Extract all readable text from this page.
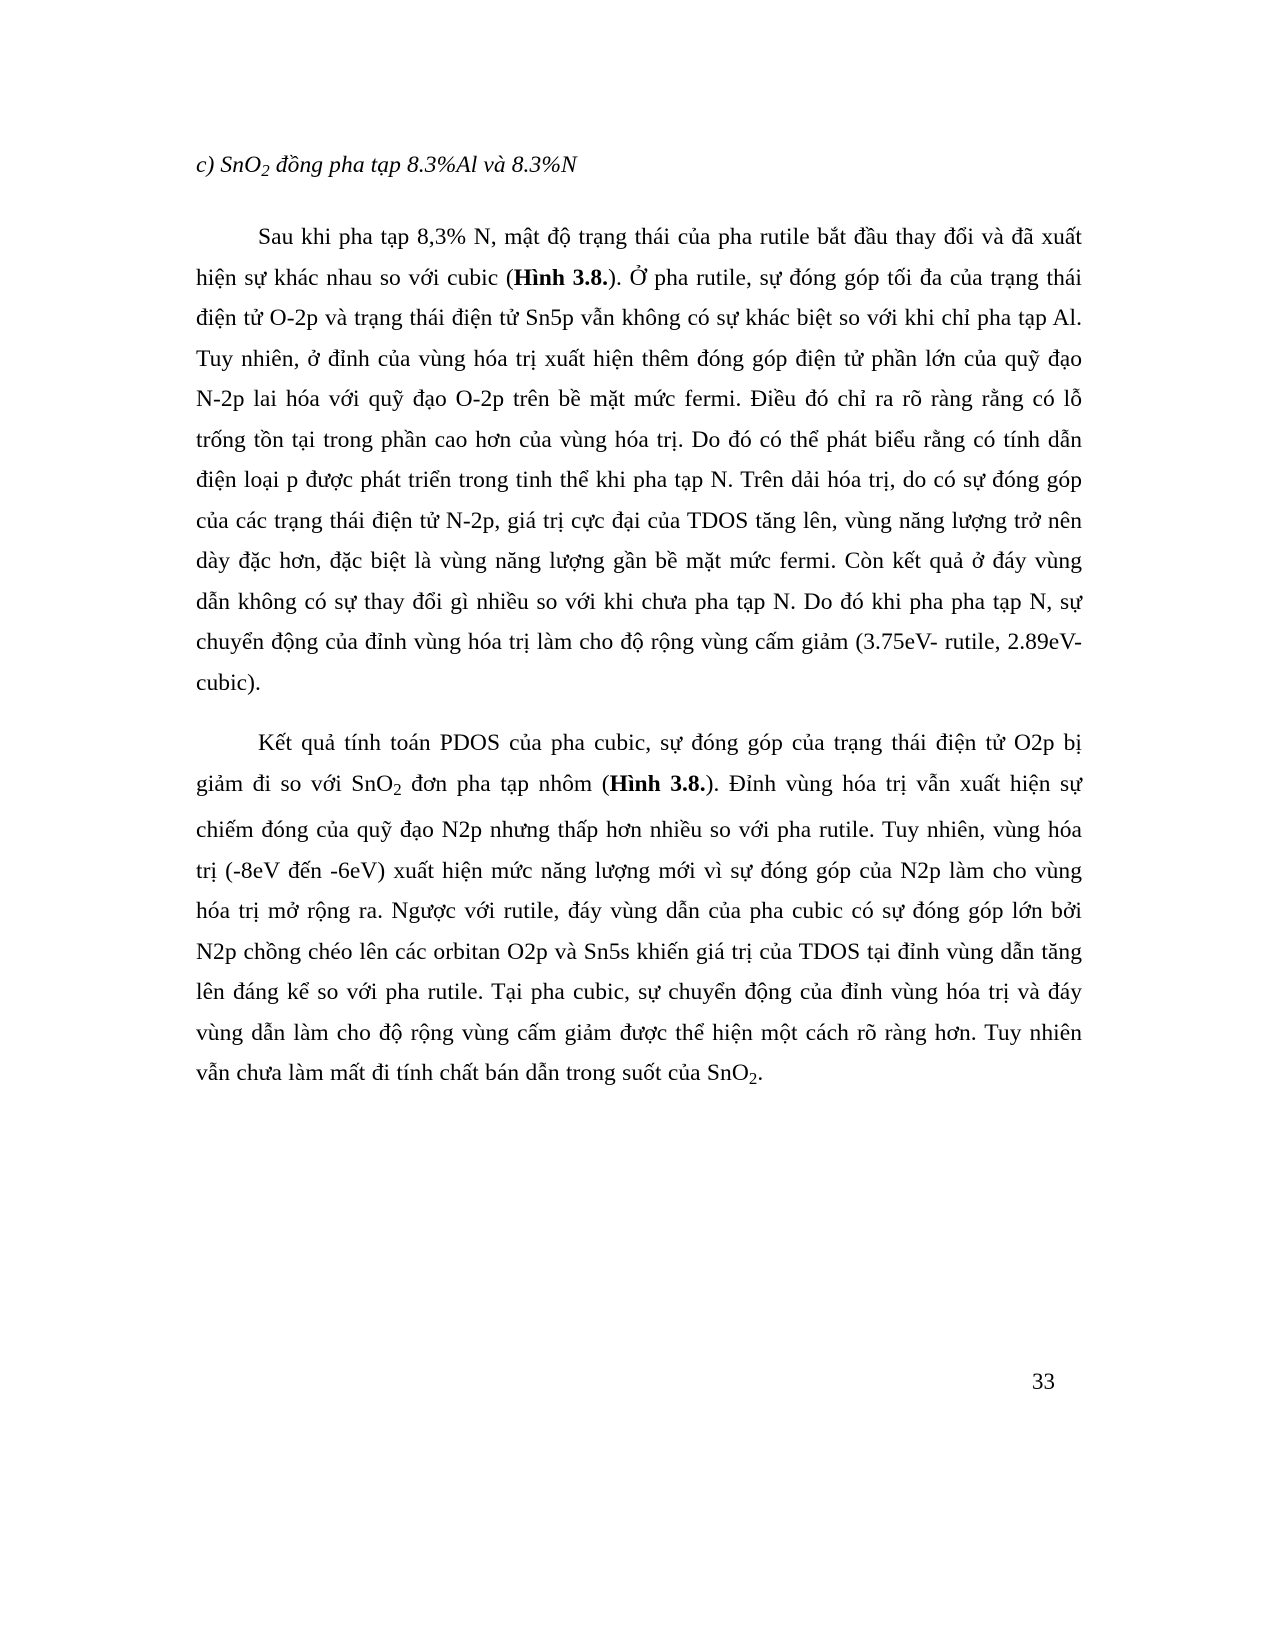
c) SnO$_2$ đồng pha tạp 8.3%Al và 8.3%N

Sau khi pha tạp 8,3% N, mật độ trạng thái của pha rutile bắt đầu thay đổi và đã xuất hiện sự khác nhau so với cubic (Hình 3.8.). Ở pha rutile, sự đóng góp tối đa của trạng thái điện tử O-2p và trạng thái điện tử Sn5p vẫn không có sự khác biệt so với khi chỉ pha tạp Al. Tuy nhiên, ở đỉnh của vùng hóa trị xuất hiện thêm đóng góp điện tử phần lớn của quỹ đạo N-2p lai hóa với quỹ đạo O-2p trên bề mặt mức fermi. Điều đó chỉ ra rõ ràng rằng có lỗ trống tồn tại trong phần cao hơn của vùng hóa trị. Do đó có thể phát biểu rằng có tính dẫn điện loại p được phát triển trong tinh thể khi pha tạp N. Trên dải hóa trị, do có sự đóng góp của các trạng thái điện tử N-2p, giá trị cực đại của TDOS tăng lên, vùng năng lượng trở nên dày đặc hơn, đặc biệt là vùng năng lượng gần bề mặt mức fermi. Còn kết quả ở đáy vùng dẫn không có sự thay đổi gì nhiều so với khi chưa pha tạp N. Do đó khi pha pha tạp N, sự chuyển động của đỉnh vùng hóa trị làm cho độ rộng vùng cấm giảm (3.75eV- rutile, 2.89eV-cubic).

Kết quả tính toán PDOS của pha cubic, sự đóng góp của trạng thái điện tử O2p bị giảm đi so với SnO$_2$ đơn pha tạp nhôm (Hình 3.8.). Đỉnh vùng hóa trị vẫn xuất hiện sự chiếm đóng của quỹ đạo N2p nhưng thấp hơn nhiều so với pha rutile. Tuy nhiên, vùng hóa trị (-8eV đến -6eV) xuất hiện mức năng lượng mới vì sự đóng góp của N2p làm cho vùng hóa trị mở rộng ra. Ngược với rutile, đáy vùng dẫn của pha cubic có sự đóng góp lớn bởi N2p chồng chéo lên các orbitan O2p và Sn5s khiến giá trị của TDOS tại đỉnh vùng dẫn tăng lên đáng kể so với pha rutile. Tại pha cubic, sự chuyển động của đỉnh vùng hóa trị và đáy vùng dẫn làm cho độ rộng vùng cấm giảm được thể hiện một cách rõ ràng hơn. Tuy nhiên vẫn chưa làm mất đi tính chất bán dẫn trong suốt của SnO$_2$.

33
